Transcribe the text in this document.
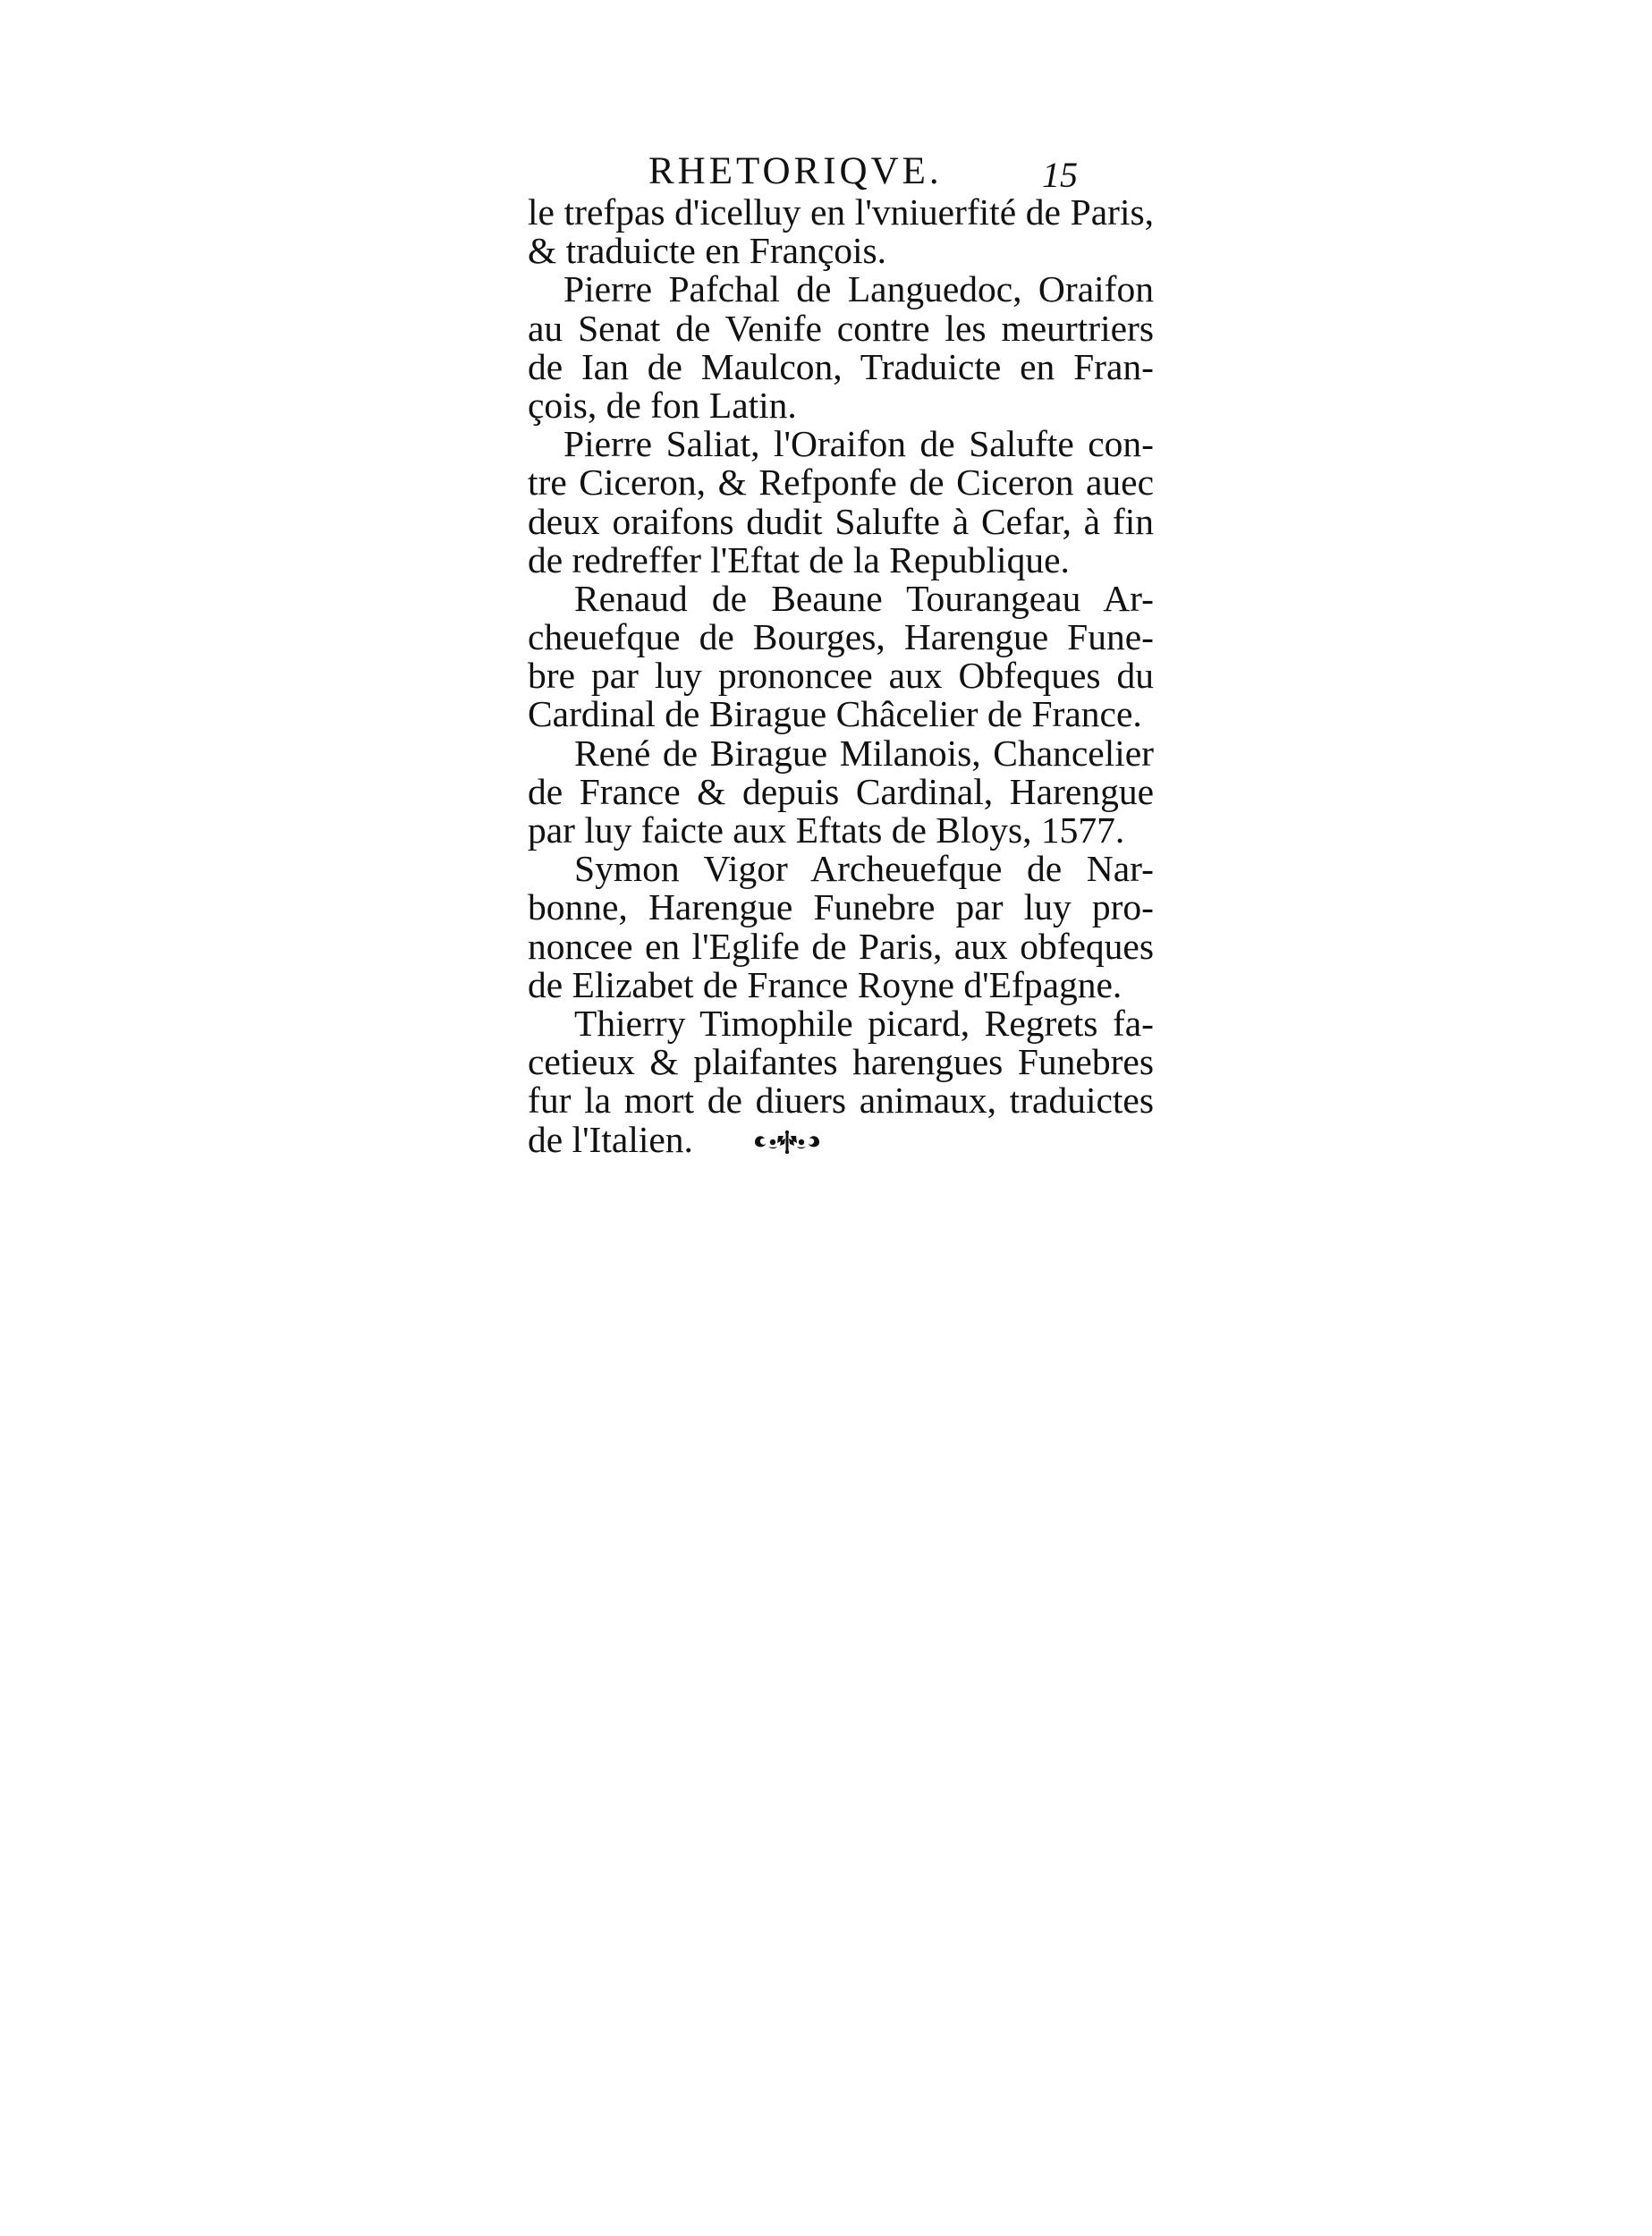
RHETORIQVE.	15

le trefpas d'icelluy en l'vniuerfité de Paris,
& traduicte en François.

Pierre Pafchal de Languedoc, Oraifon
au Senat de Venife contre les meurtriers
de Ian de Maulcon, Traduicte en Fran-
çois, de fon Latin.

Pierre Saliat, l'Oraifon de Salufte con-
tre Ciceron, & Refponfe de Ciceron auec
deux oraifons dudit Salufte à Cefar, à fin
de redreffer l'Eftat de la Republique.

Renaud de Beaune Tourangeau Ar-
cheuefque de Bourges, Harengue Fune-
bre par luy prononcee aux Obfeques du
Cardinal de Birague Châcelier de France.

René de Birague Milanois, Chancelier
de France & depuis Cardinal, Harengue
par luy faicte aux Eftats de Bloys, 1577.

Symon Vigor Archeuefque de Nar-
bonne, Harengue Funebre par luy pro-
noncee en l'Eglife de Paris, aux obfeques
de Elizabet de France Royne d'Efpagne.

Thierry Timophile picard, Regrets fa-
cetieux & plaifantes harengues Funebres
fur la mort de diuers animaux, traduictes
de l'Italien.
